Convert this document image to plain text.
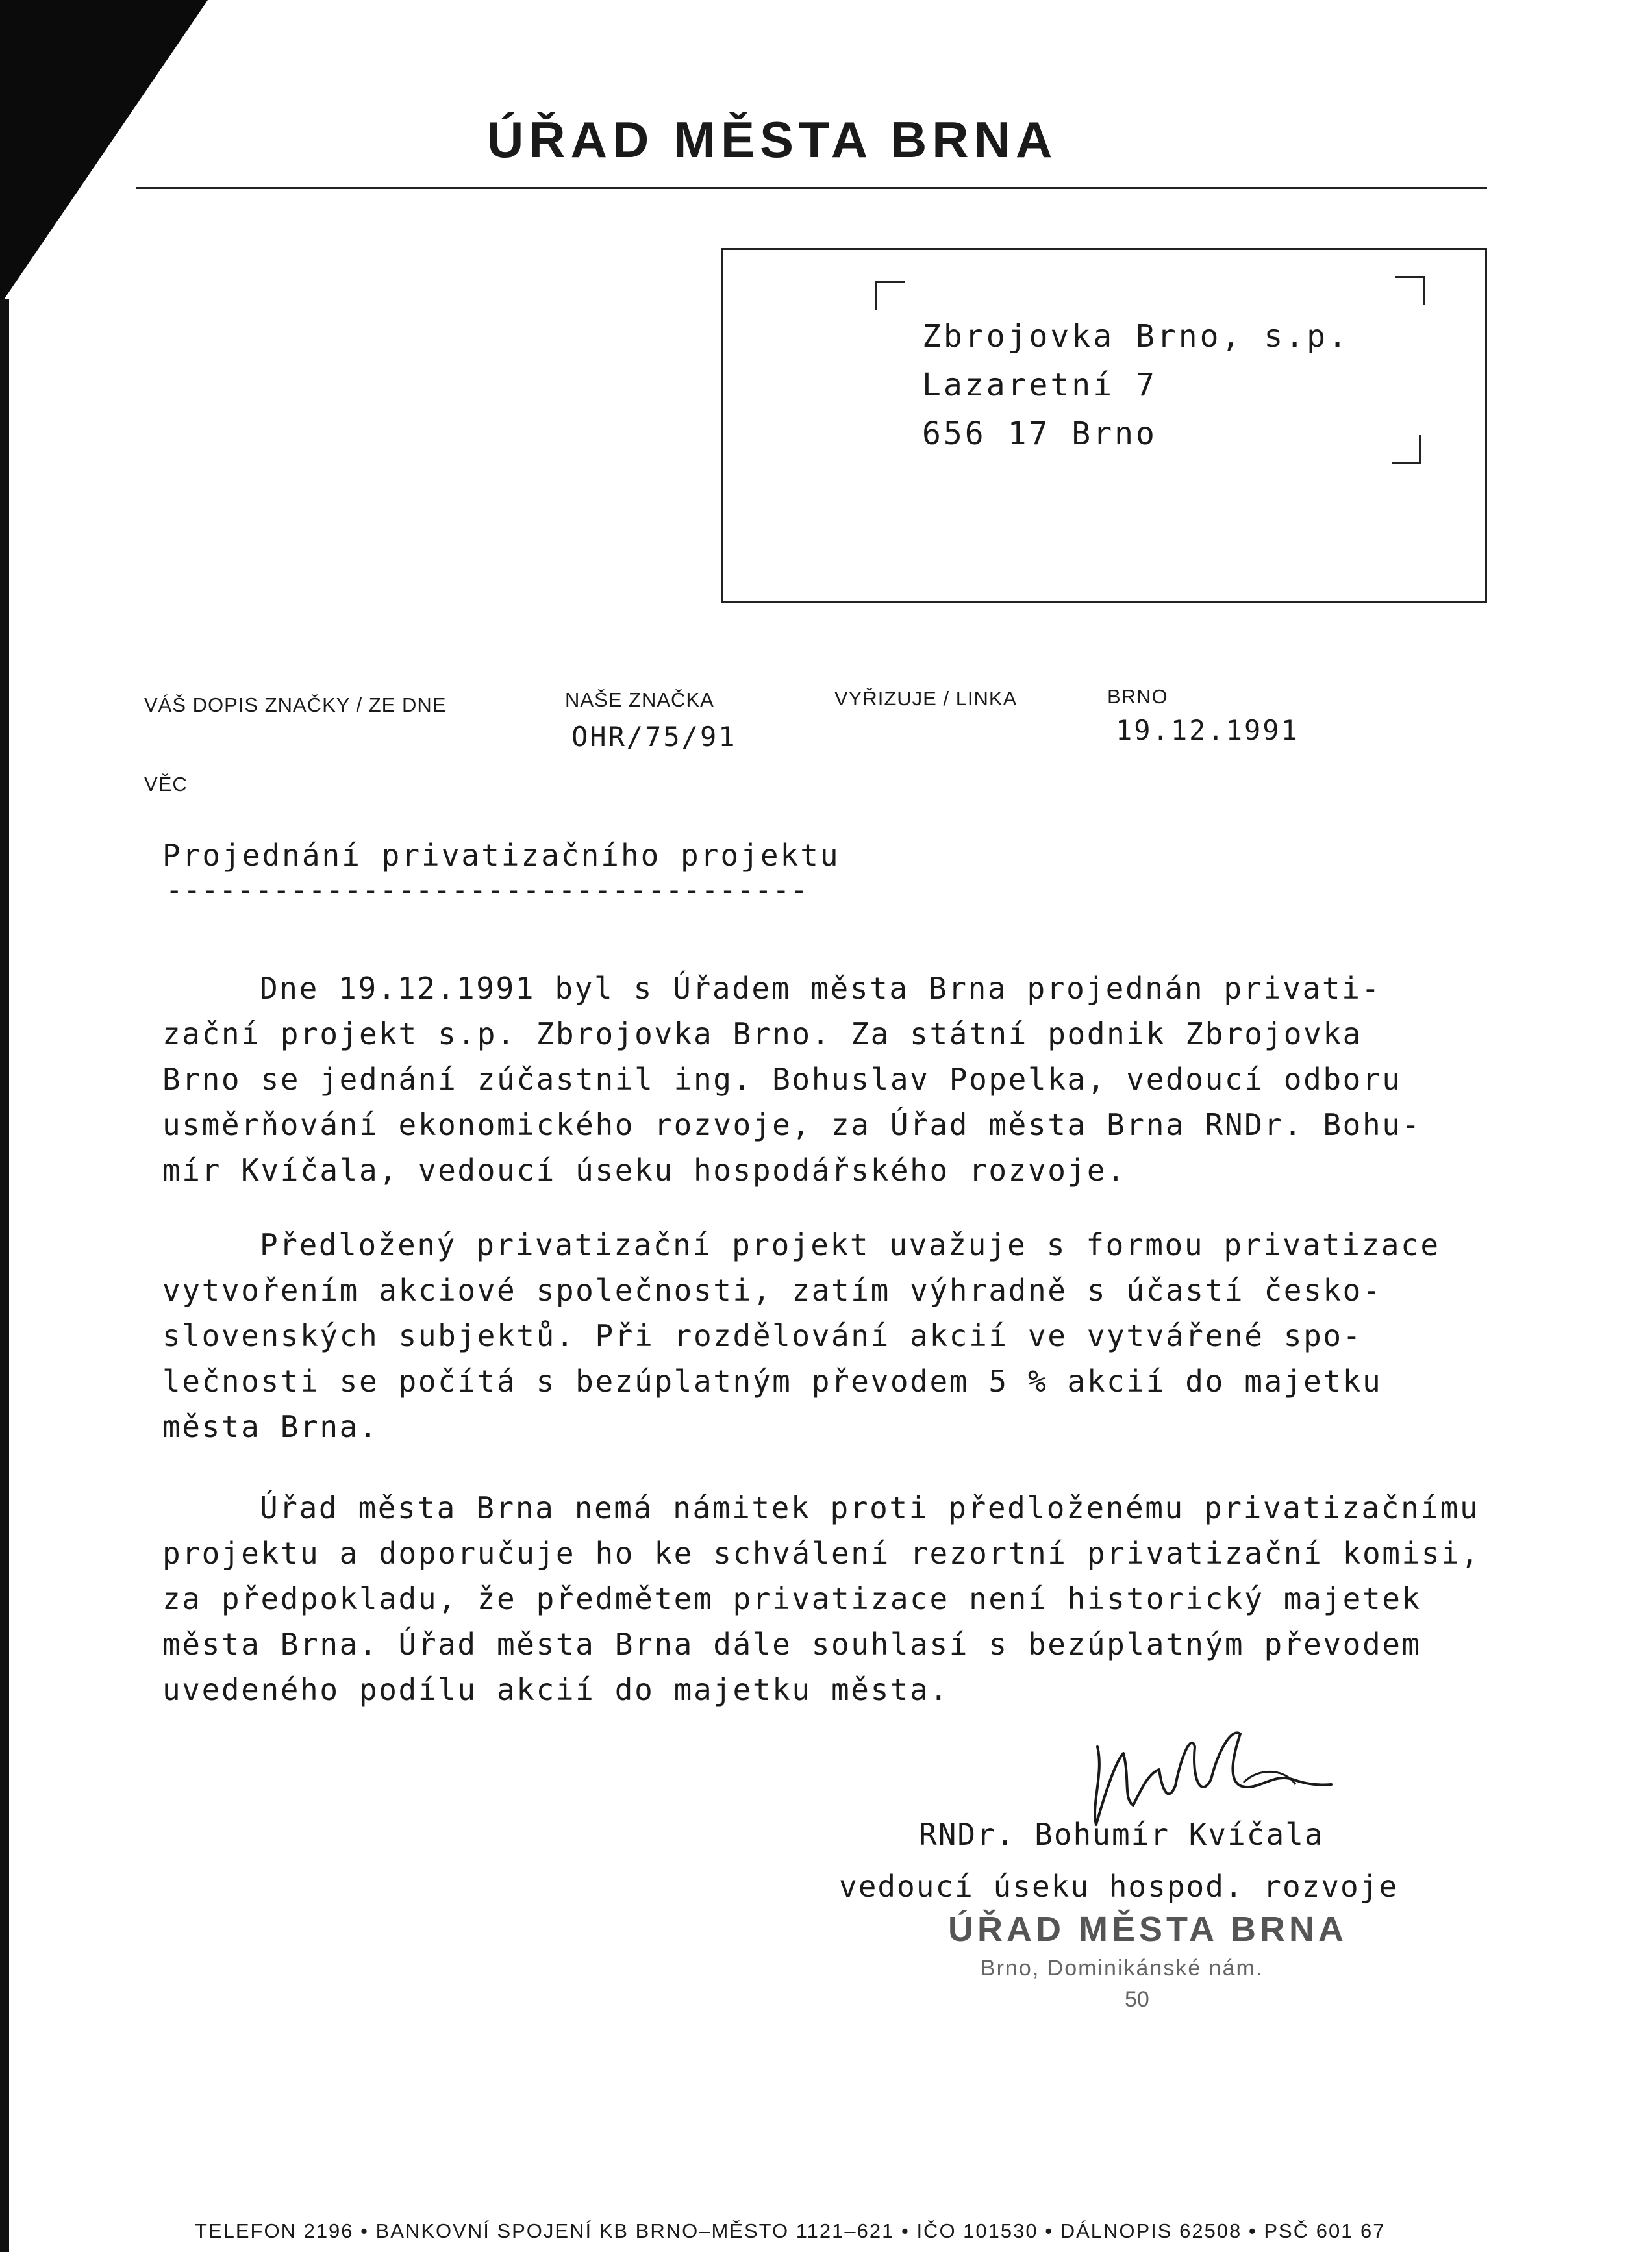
ÚŘAD MĚSTA BRNA
Zbrojovka Brno, s.p.
Lazaretní 7
656 17 Brno
VÁŠ DOPIS ZNAČKY / ZE DNE	NAŠE ZNAČKA
OHR/75/91
VYŘIZUJE / LINKA	BRNO
19.12.1991
VĚC
Projednání privatizačního projektu
------------------------------------
Dne 19.12.1991 byl s Úřadem města Brna projednán privati-
zační projekt s.p. Zbrojovka Brno. Za státní podnik Zbrojovka
Brno se jednání zúčastnil ing. Bohuslav Popelka, vedoucí odboru
usměrňování ekonomického rozvoje, za Úřad města Brna RNDr. Bohu-
mír Kvíčala, vedoucí úseku hospodářského rozvoje.
Předložený privatizační projekt uvažuje s formou privatizace
vytvořením akciové společnosti, zatím výhradně s účastí česko-
slovenských subjektů. Při rozdělování akcií ve vytvářené spo-
lečnosti se počítá s bezúplatným převodem 5 % akcií do majetku
města Brna.
Úřad města Brna nemá námitek proti předloženému privatizačnímu
projektu a doporučuje ho ke schválení rezortní privatizační komisi,
za předpokladu, že předmětem privatizace není historický majetek
města Brna. Úřad města Brna dále souhlasí s bezúplatným převodem
uvedeného podílu akcií do majetku města.
RNDr. Bohumír Kvíčala
vedoucí úseku hospod. rozvoje
ÚŘAD MĚSTA BRNA
Brno, Dominikánské nám.
50
TELEFON 2196 • BANKOVNÍ SPOJENÍ KB BRNO–MĚSTO 1121–621 • IČO 101530 • DÁLNOPIS 62508 • PSČ 601 67
